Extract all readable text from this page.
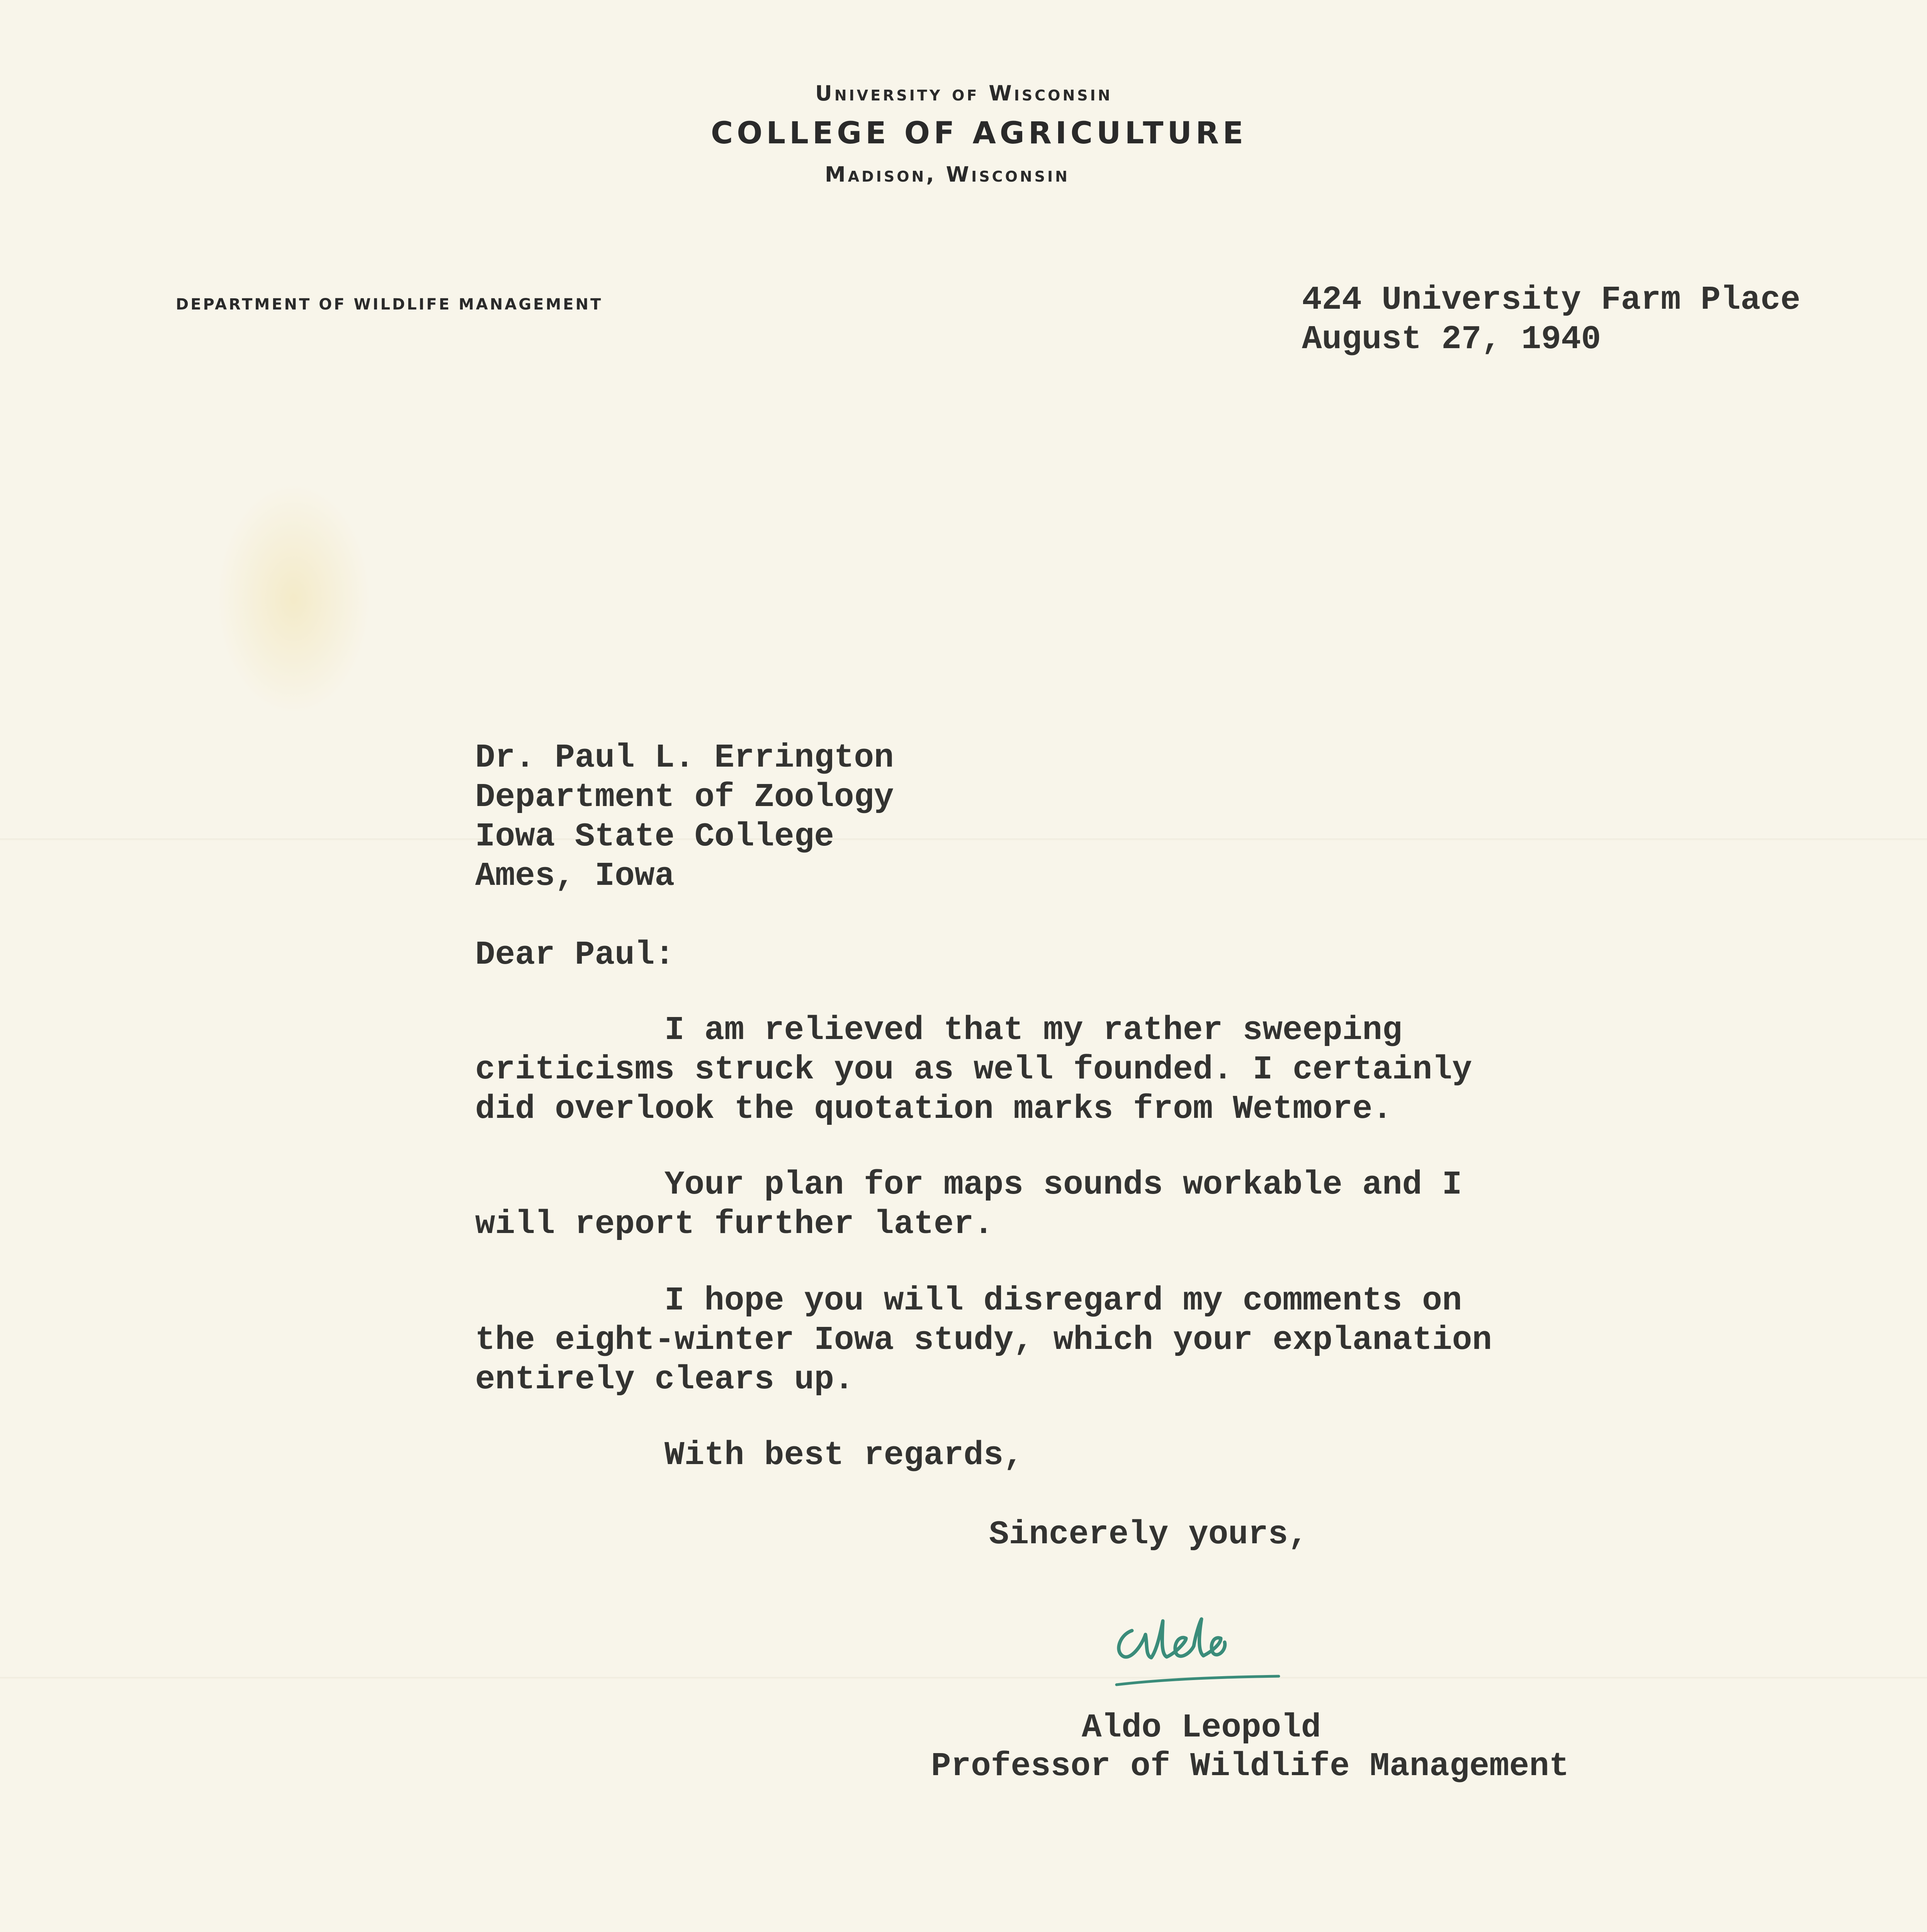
University of Wisconsin
COLLEGE OF AGRICULTURE
Madison, Wisconsin
DEPARTMENT OF WILDLIFE MANAGEMENT	424 University Farm Place
August 27, 1940
Dr. Paul L. Errington
Department of Zoology
Iowa State College
Ames, Iowa
Dear Paul:
I am relieved that my rather sweeping
criticisms struck you as well founded. I certainly
did overlook the quotation marks from Wetmore.
Your plan for maps sounds workable and I
will report further later.
I hope you will disregard my comments on
the eight-winter Iowa study, which your explanation
entirely clears up.
With best regards,
Sincerely yours,
Aldo Leopold
Professor of Wildlife Management
